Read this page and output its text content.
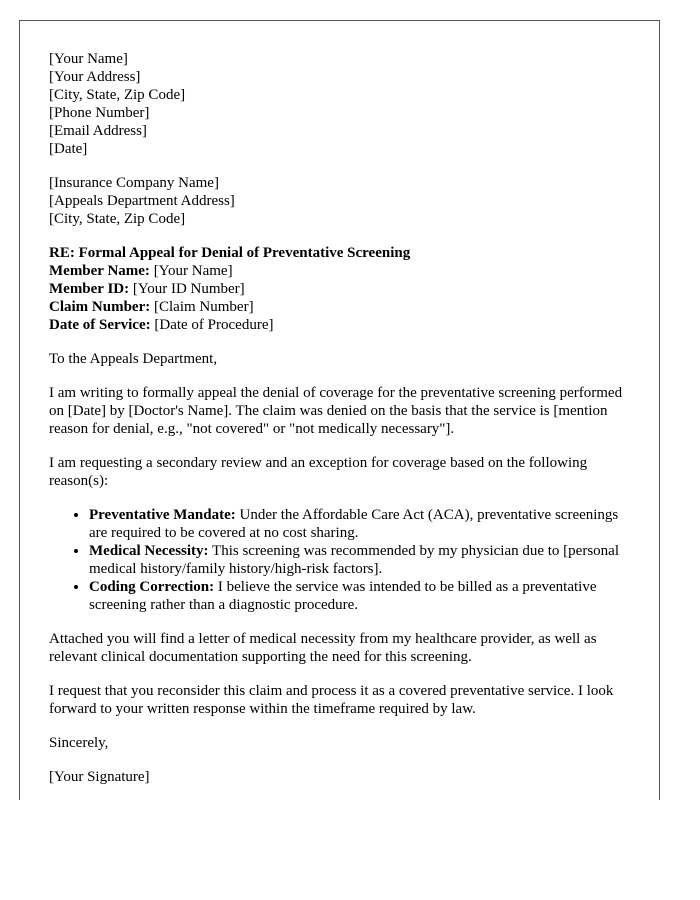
[Your Name]
[Your Address]
[City, State, Zip Code]
[Phone Number]
[Email Address]
[Date]
[Insurance Company Name]
[Appeals Department Address]
[City, State, Zip Code]
RE: Formal Appeal for Denial of Preventative Screening
Member Name: [Your Name]
Member ID: [Your ID Number]
Claim Number: [Claim Number]
Date of Service: [Date of Procedure]

To the Appeals Department,

I am writing to formally appeal the denial of coverage for the preventative screening performed on [Date] by [Doctor's Name]. The claim was denied on the basis that the service is [mention reason for denial, e.g., "not covered" or "not medically necessary"].

I am requesting a secondary review and an exception for coverage based on the following reason(s):

• Preventative Mandate: Under the Affordable Care Act (ACA), preventative screenings are required to be covered at no cost sharing.
• Medical Necessity: This screening was recommended by my physician due to [personal medical history/family history/high-risk factors].
• Coding Correction: I believe the service was intended to be billed as a preventative screening rather than a diagnostic procedure.

Attached you will find a letter of medical necessity from my healthcare provider, as well as relevant clinical documentation supporting the need for this screening.

I request that you reconsider this claim and process it as a covered preventative service. I look forward to your written response within the timeframe required by law.

Sincerely,

[Your Signature]
